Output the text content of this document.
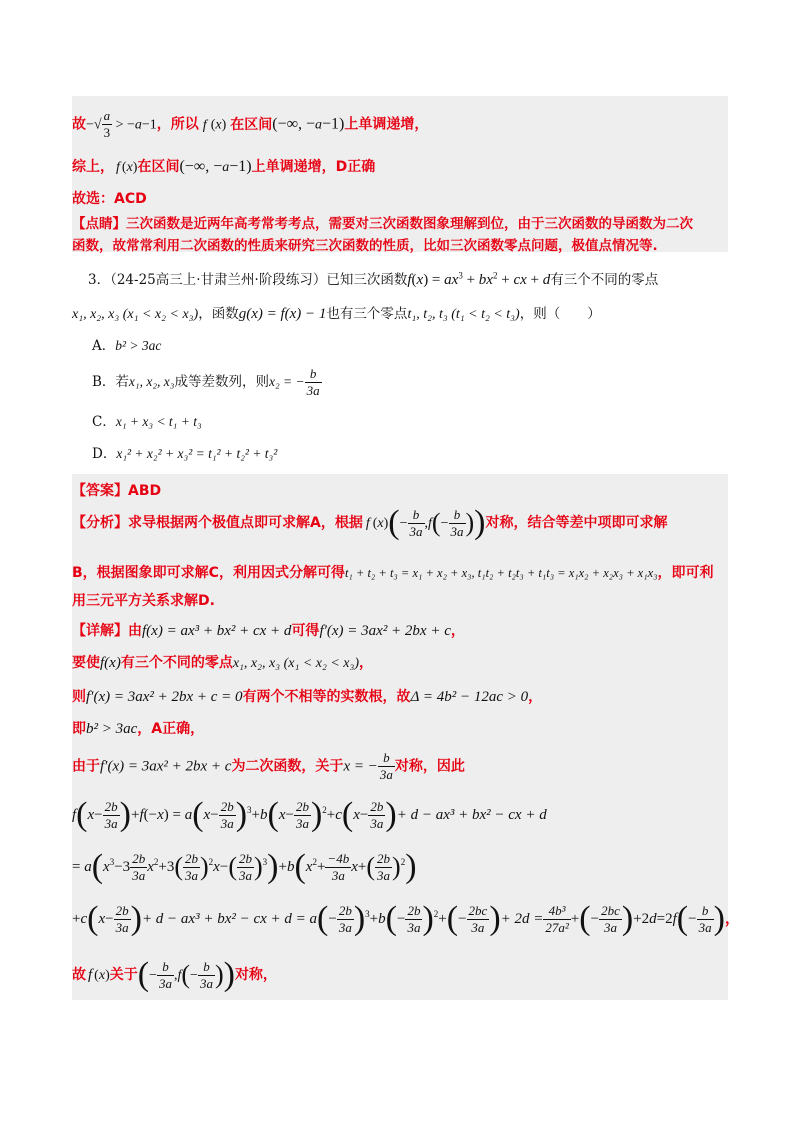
故−√ $\frac{a}{3} > -a-1$，所以 f (x) 在区间(−∞, −a−1)上单调递增，
综上， f (x)在区间(−∞, −a−1)上单调递增，D正确
故选：ACD
【点睛】三次函数是近两年高考常考考点，需要对三次函数图象理解到位，由于三次函数的导函数为二次
函数，故常常利用二次函数的性质来研究三次函数的性质，比如三次函数零点问题，极值点情况等.
3．（24-25高三上·甘肃兰州·阶段练习）已知三次函数$f(x) = ax^3 + bx^2$ + cx + d有三个不同的零点
x₁, x₂, x₃ (x₁ < x₂ < x₃)，函数g(x) = f(x) − 1也有三个零点t₁, t₂, t₃ (t₁ < t₂ < t₃)，则（　　）
A．b² > 3ac
B．若x₁, x₂, x₃成等差数列，则x₂ = − $\frac{b}{3a}$
C．x₁ + x₃ < t₁ + t₃
D．x₁² + x₂² + x₃² = t₁² + t₂² + t₃²
【答案】ABD
【分析】求导根据两个极值点即可求解A，根据 f $(x)(- \frac{b}{3a} ,f(- \frac{b}{3a}$ ))对称，结合等差中项即可求解
B，根据图象即可求解C，利用因式分解可得t₁ + t₂ + t₃ = x₁ + x₂ + x₃, t₁t₂ + t₂t₃ + t₁t₃ = x₁x₂ + x₂x₃ + x₁x₃，即可利
用三元平方关系求解D.
【详解】由f(x) = ax³ + bx² + cx + d可得f′(x) = 3ax² + 2bx + c，
要使f(x)有三个不同的零点x₁, x₂, x₃ (x₁ < x₂ < x₃)，
则f′(x) = 3ax² + 2bx + c = 0有两个不相等的实数根，故Δ = 4b² − 12ac > 0，
即b² > 3ac，A正确，
由于f′(x) = 3ax² + 2bx + c为二次函数，关于x = − $\frac{b}{3a}$ 对称，因此
$f(x- \frac{2b}{3a} )+f(-x) = a(x- \frac{2b}{3a} )^3+b(x- \frac{2b}{3a} )^2+c(x- \frac{2b}{3a}$ )+ d − ax³ + bx² − cx + d
= $a(x^3-3 \frac{2b}{3a} x^2+3( \frac{2b}{3a} )^2x-( \frac{2b}{3a} )^3)+b(x^2+ \frac{-4b}{3a} x+( \frac{2b}{3a} )^2)$
$+c(x- \frac{2b}{3a}$ )+ d − ax³ + bx² − cx + $d = a(- \frac{2b}{3a} )^3+b(- \frac{2b}{3a} )^2+(- \frac{2bc}{3a}$ )+ $2d = \frac{\text{4b³}}{\text{27a²}}$ +(− $\frac{2bc}{3a} )+2d=2f(- \frac{b}{3a}$ )，
故 f (x)关于(− $\frac{b}{3a} ,f(- \frac{b}{3a}$ ))对称，
